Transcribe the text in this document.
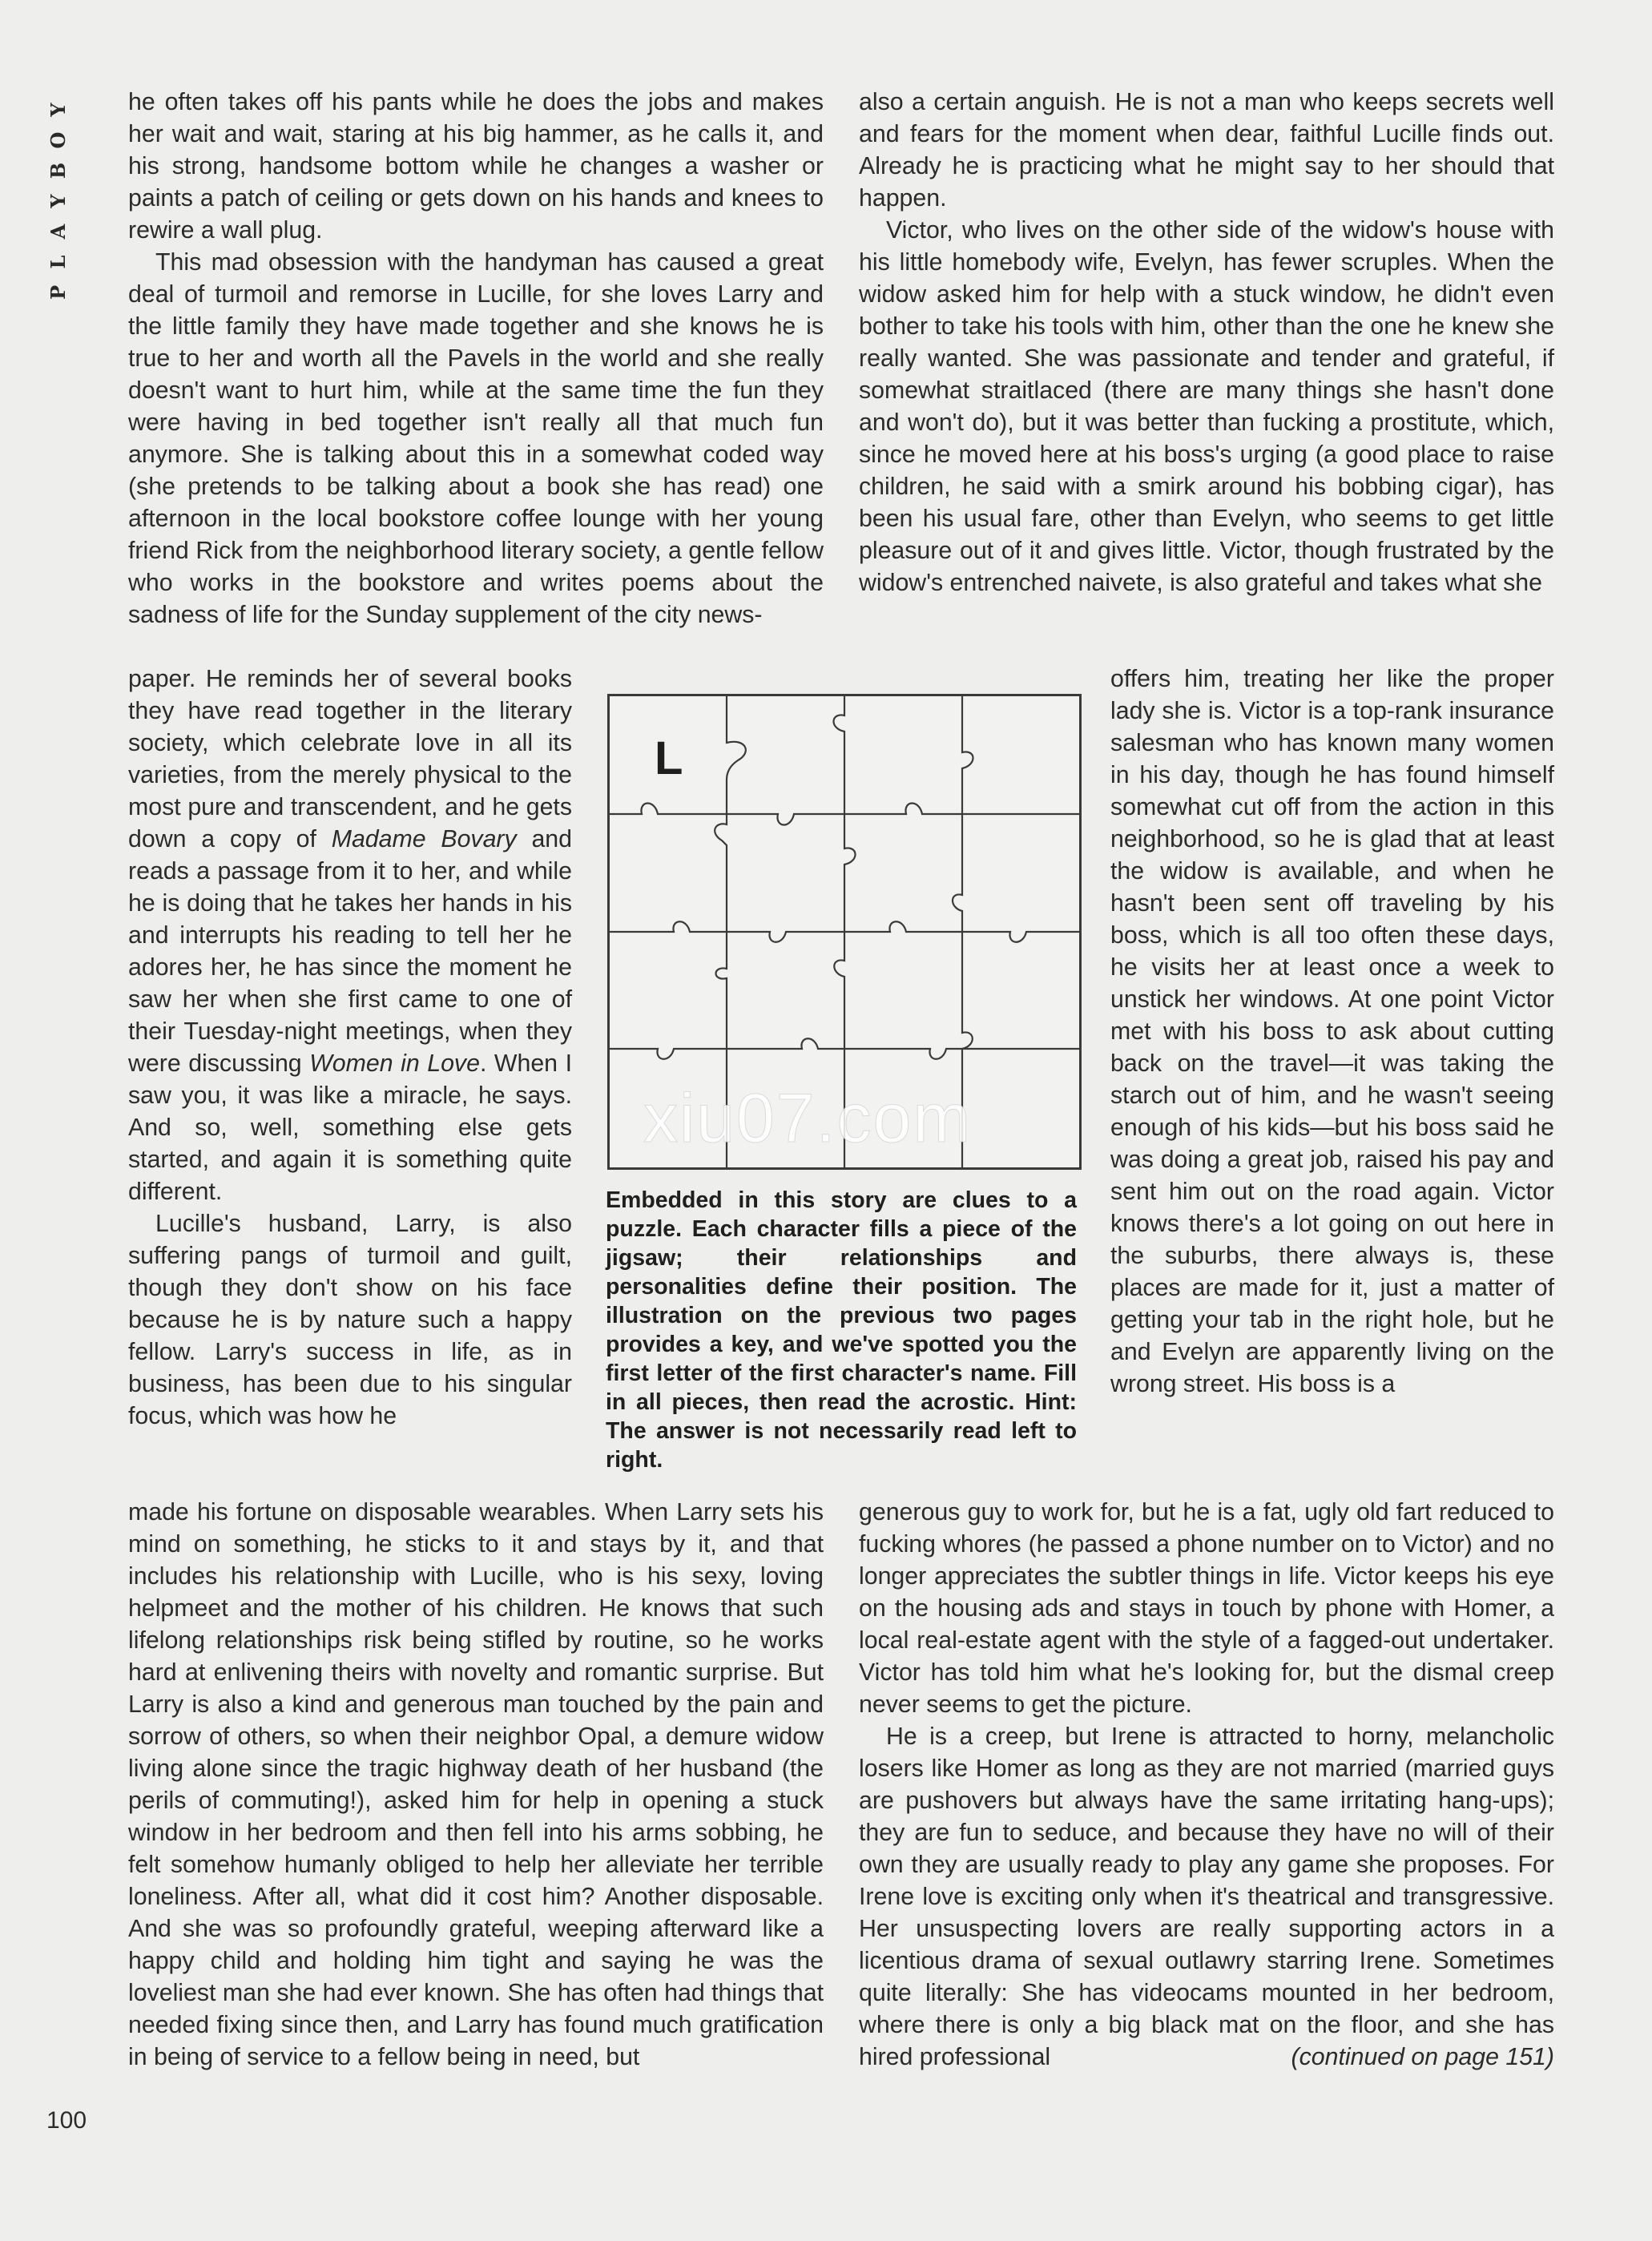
Y
O
B
Y
A
L
P

he often takes off his pants while he does the jobs and makes her wait and wait, staring at his big hammer, as he calls it, and his strong, handsome bottom while he changes a washer or paints a patch of ceiling or gets down on his hands and knees to rewire a wall plug.

This mad obsession with the handyman has caused a great deal of turmoil and remorse in Lucille, for she loves Larry and the little family they have made together and she knows he is true to her and worth all the Pavels in the world and she really doesn't want to hurt him, while at the same time the fun they were having in bed together isn't really all that much fun anymore. She is talking about this in a somewhat coded way (she pretends to be talking about a book she has read) one afternoon in the local bookstore coffee lounge with her young friend Rick from the neighborhood literary society, a gentle fellow who works in the bookstore and writes poems about the sadness of life for the Sunday supplement of the city news-

paper. He reminds her of several books they have read together in the literary society, which celebrate love in all its varieties, from the merely physical to the most pure and transcendent, and he gets down a copy of Madame Bovary and reads a passage from it to her, and while he is doing that he takes her hands in his and interrupts his reading to tell her he adores her, he has since the moment he saw her when she first came to one of their Tuesday-night meetings, when they were discussing Women in Love. When I saw you, it was like a miracle, he says. And so, well, something else gets started, and again it is something quite different.

Lucille's husband, Larry, is also suffering pangs of turmoil and guilt, though they don't show on his face because he is by nature such a happy fellow. Larry's success in life, as in business, has been due to his singular focus, which was how he

made his fortune on disposable wearables. When Larry sets his mind on something, he sticks to it and stays by it, and that includes his relationship with Lucille, who is his sexy, loving helpmeet and the mother of his children. He knows that such lifelong relationships risk being stifled by routine, so he works hard at enlivening theirs with novelty and romantic surprise. But Larry is also a kind and generous man touched by the pain and sorrow of others, so when their neighbor Opal, a demure widow living alone since the tragic highway death of her husband (the perils of commuting!), asked him for help in opening a stuck window in her bedroom and then fell into his arms sobbing, he felt somehow humanly obliged to help her alleviate her terrible loneliness. After all, what did it cost him? Another disposable. And she was so profoundly grateful, weeping afterward like a happy child and holding him tight and saying he was the loveliest man she had ever known. She has often had things that needed fixing since then, and Larry has found much gratification in being of service to a fellow being in need, but

also a certain anguish. He is not a man who keeps secrets well and fears for the moment when dear, faithful Lucille finds out. Already he is practicing what he might say to her should that happen.

Victor, who lives on the other side of the widow's house with his little homebody wife, Evelyn, has fewer scruples. When the widow asked him for help with a stuck window, he didn't even bother to take his tools with him, other than the one he knew she really wanted. She was passionate and tender and grateful, if somewhat straitlaced (there are many things she hasn't done and won't do), but it was better than fucking a prostitute, which, since he moved here at his boss's urging (a good place to raise children, he said with a smirk around his bobbing cigar), has been his usual fare, other than Evelyn, who seems to get little pleasure out of it and gives little. Victor, though frustrated by the widow's entrenched naivete, is also grateful and takes what she

offers him, treating her like the proper lady she is. Victor is a top-rank insurance salesman who has known many women in his day, though he has found himself somewhat cut off from the action in this neighborhood, so he is glad that at least the widow is available, and when he hasn't been sent off traveling by his boss, which is all too often these days, he visits her at least once a week to unstick her windows. At one point Victor met with his boss to ask about cutting back on the travel—it was taking the starch out of him, and he wasn't seeing enough of his kids—but his boss said he was doing a great job, raised his pay and sent him out on the road again. Victor knows there's a lot going on out here in the suburbs, there always is, these places are made for it, just a matter of getting your tab in the right hole, but he and Evelyn are apparently living on the wrong street. His boss is a

generous guy to work for, but he is a fat, ugly old fart reduced to fucking whores (he passed a phone number on to Victor) and no longer appreciates the subtler things in life. Victor keeps his eye on the housing ads and stays in touch by phone with Homer, a local real-estate agent with the style of a fagged-out undertaker. Victor has told him what he's looking for, but the dismal creep never seems to get the picture.

He is a creep, but Irene is attracted to horny, melancholic losers like Homer as long as they are not married (married guys are pushovers but always have the same irritating hang-ups); they are fun to seduce, and because they have no will of their own they are usually ready to play any game she proposes. For Irene love is exciting only when it's theatrical and transgressive. Her unsuspecting lovers are really supporting actors in a licentious drama of sexual outlawry starring Irene. Sometimes quite literally: She has videocams mounted in her bedroom, where there is only a big black mat on the floor, and she has hired professional	(continued on page 151)

L
xiu07.com
Embedded in this story are clues to a puzzle. Each character fills a piece of the jigsaw; their relationships and personalities define their position. The illustration on the previous two pages provides a key, and we've spotted you the first letter of the first character's name. Fill in all pieces, then read the acrostic. Hint: The answer is not necessarily read left to right.
100
